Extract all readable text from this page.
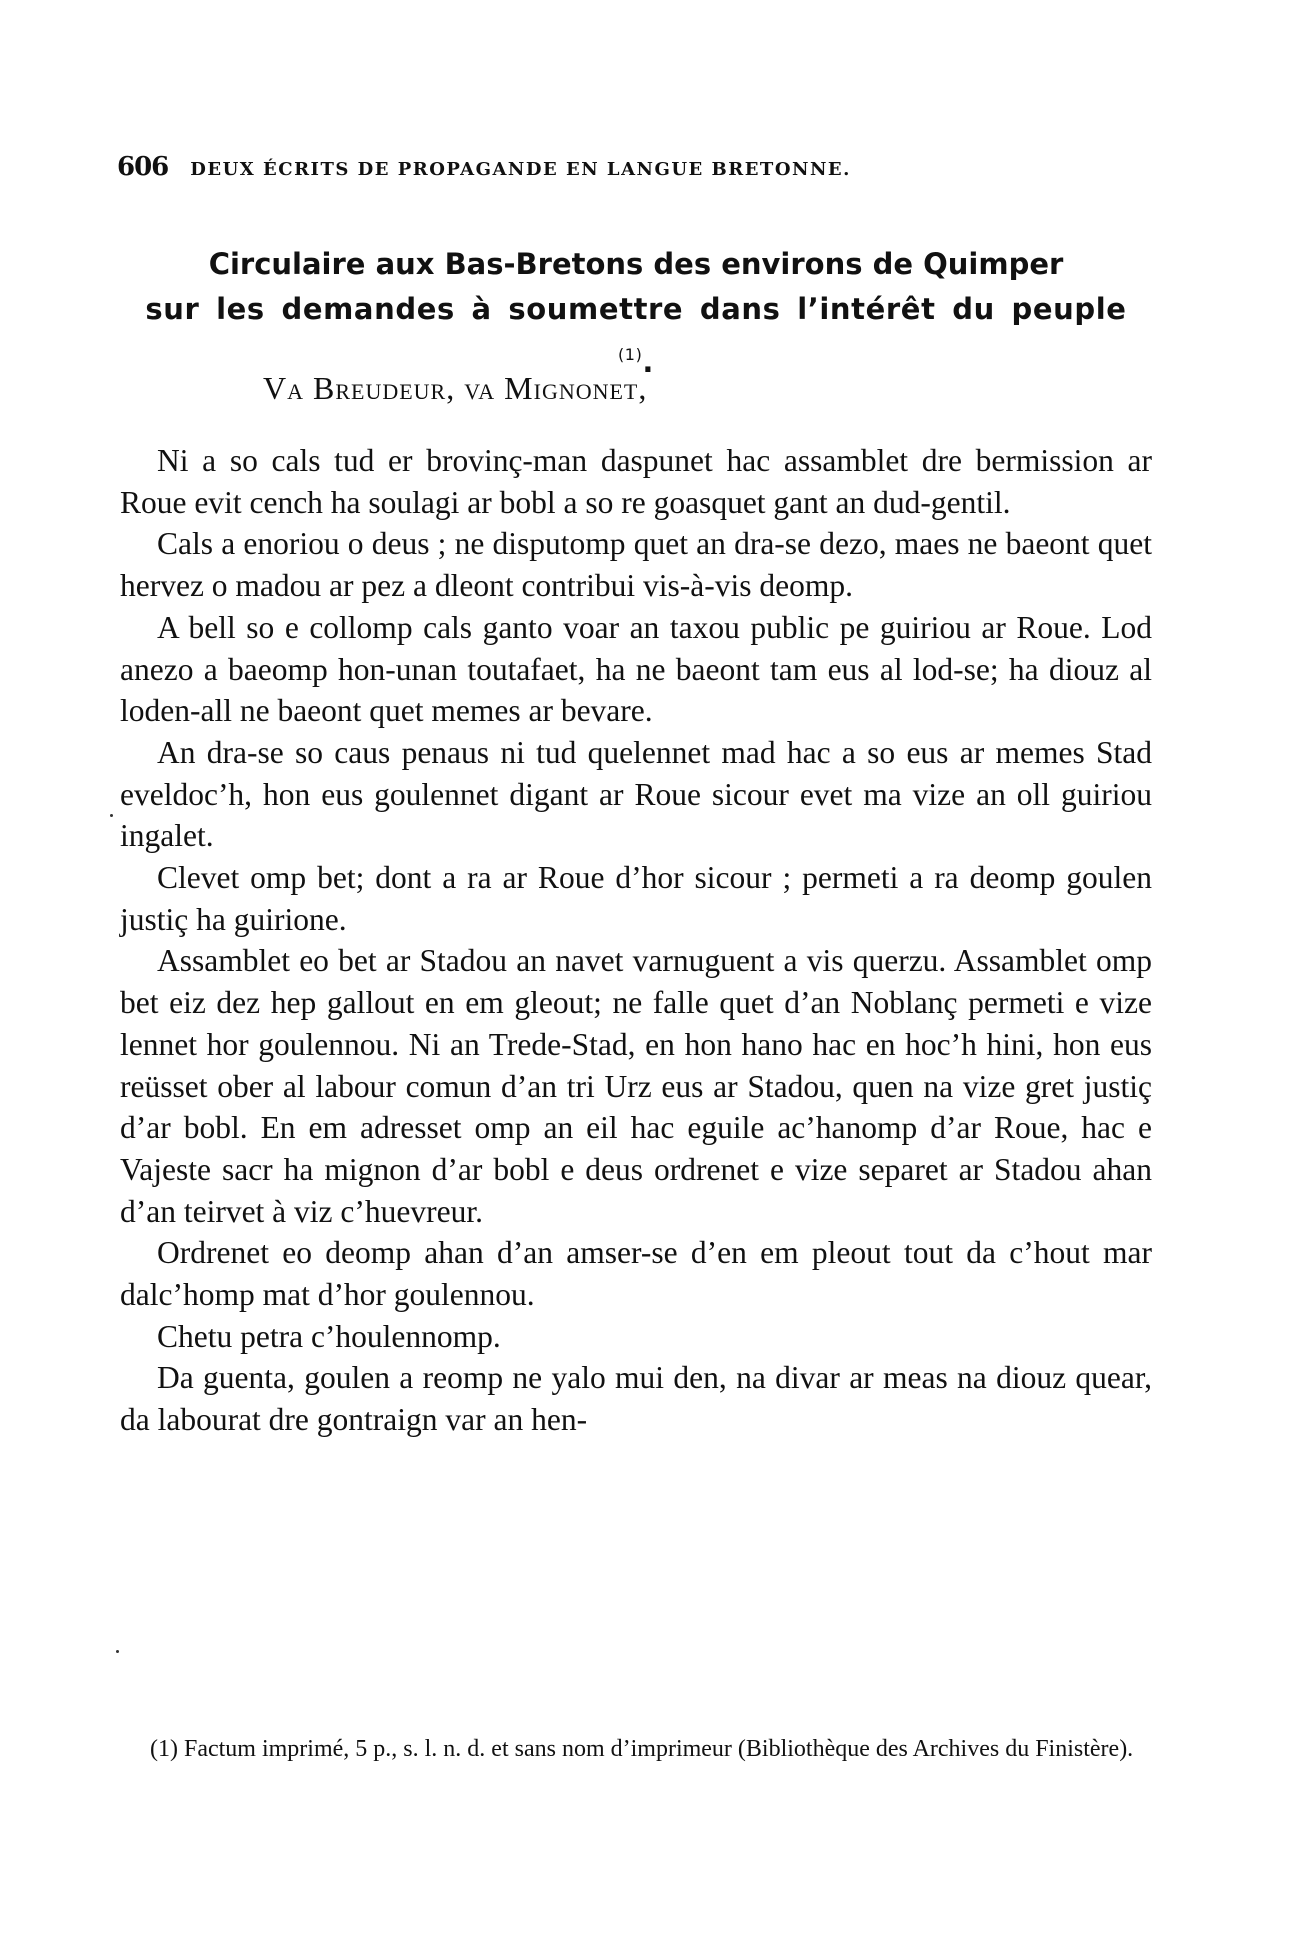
606 DEUX ÉCRITS DE PROPAGANDE EN LANGUE BRETONNE.
Circulaire aux Bas-Bretons des environs de Quimper
sur les demandes à soumettre dans l’intérêt du peuple $^{(1)}$.
Va Breudeur, va Mignonet,

Ni a so cals tud er brovinç-man daspunet hac assamblet dre bermission ar Roue evit cench ha soulagi ar bobl a so re goasquet gant an dud-gentil.

Cals a enoriou o deus ; ne disputomp quet an dra-se dezo, maes ne baeont quet hervez o madou ar pez a dleont contribui vis-à-vis deomp.

A bell so e collomp cals ganto voar an taxou public pe guiriou ar Roue. Lod anezo a baeomp hon-unan toutafaet, ha ne baeont tam eus al lod-se; ha diouz al loden-all ne baeont quet memes ar bevare.

An dra-se so caus penaus ni tud quelennet mad hac a so eus ar memes Stad eveldoc’h, hon eus goulennet digant ar Roue sicour evet ma vize an oll guiriou ingalet.

Clevet omp bet; dont a ra ar Roue d’hor sicour ; permeti a ra deomp goulen justiç ha guirione.

Assamblet eo bet ar Stadou an navet varnuguent a vis querzu. Assamblet omp bet eiz dez hep gallout en em gleout; ne falle quet d’an Noblanç permeti e vize lennet hor goulennou. Ni an Trede-Stad, en hon hano hac en hoc’h hini, hon eus reüsset ober al labour comun d’an tri Urz eus ar Stadou, quen na vize gret justiç d’ar bobl. En em adresset omp an eil hac eguile ac’hanomp d’ar Roue, hac e Vajeste sacr ha mignon d’ar bobl e deus ordrenet e vize separet ar Stadou ahan d’an teirvet à viz c’huevreur.

Ordrenet eo deomp ahan d’an amser-se d’en em pleout tout da c’hout mar dalc’homp mat d’hor goulennou.

Chetu petra c’houlennomp.

Da guenta, goulen a reomp ne yalo mui den, na divar ar meas na diouz quear, da labourat dre gontraign var an hen-

(1) Factum imprimé, 5 p., s. l. n. d. et sans nom d’imprimeur (Bibliothèque des Archives du Finistère).
